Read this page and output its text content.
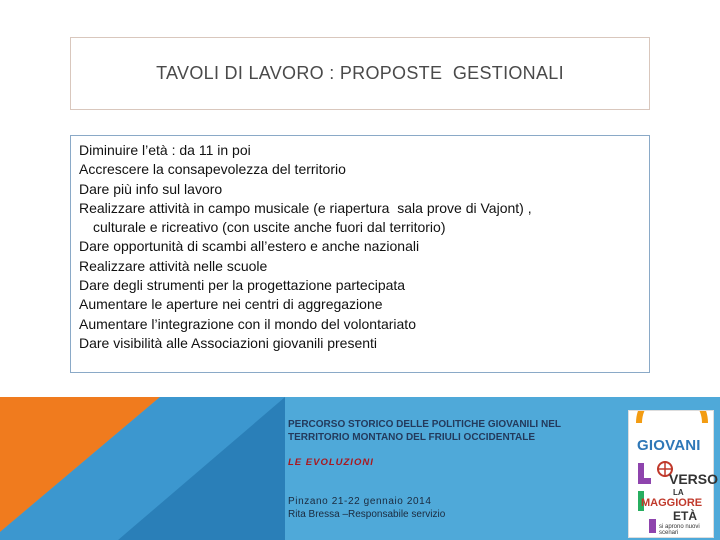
TAVOLI DI LAVORO : PROPOSTE  GESTIONALI
Diminuire l’età : da 11 in poi
Accrescere la consapevolezza del territorio
Dare più info sul lavoro
Realizzare attività in campo musicale (e riapertura  sala prove di Vajont) ,
culturale e ricreativo (con uscite anche fuori dal territorio)
Dare opportunità di scambi all’estero e anche nazionali
Realizzare attività nelle scuole
Dare degli strumenti per la progettazione partecipata
Aumentare le aperture nei centri di aggregazione
Aumentare l’integrazione con il mondo del volontariato
Dare visibilità alle Associazioni giovanili presenti
PERCORSO STORICO DELLE POLITICHE GIOVANILI NEL TERRITORIO MONTANO DEL FRIULI OCCIDENTALE
LE EVOLUZIONI
Pinzano 21-22 gennaio 2014
Rita Bressa –Responsabile servizio
GIOVANI
VERSO
LA
MAGGIORE
ETÀ
si aprono nuovi scenari
